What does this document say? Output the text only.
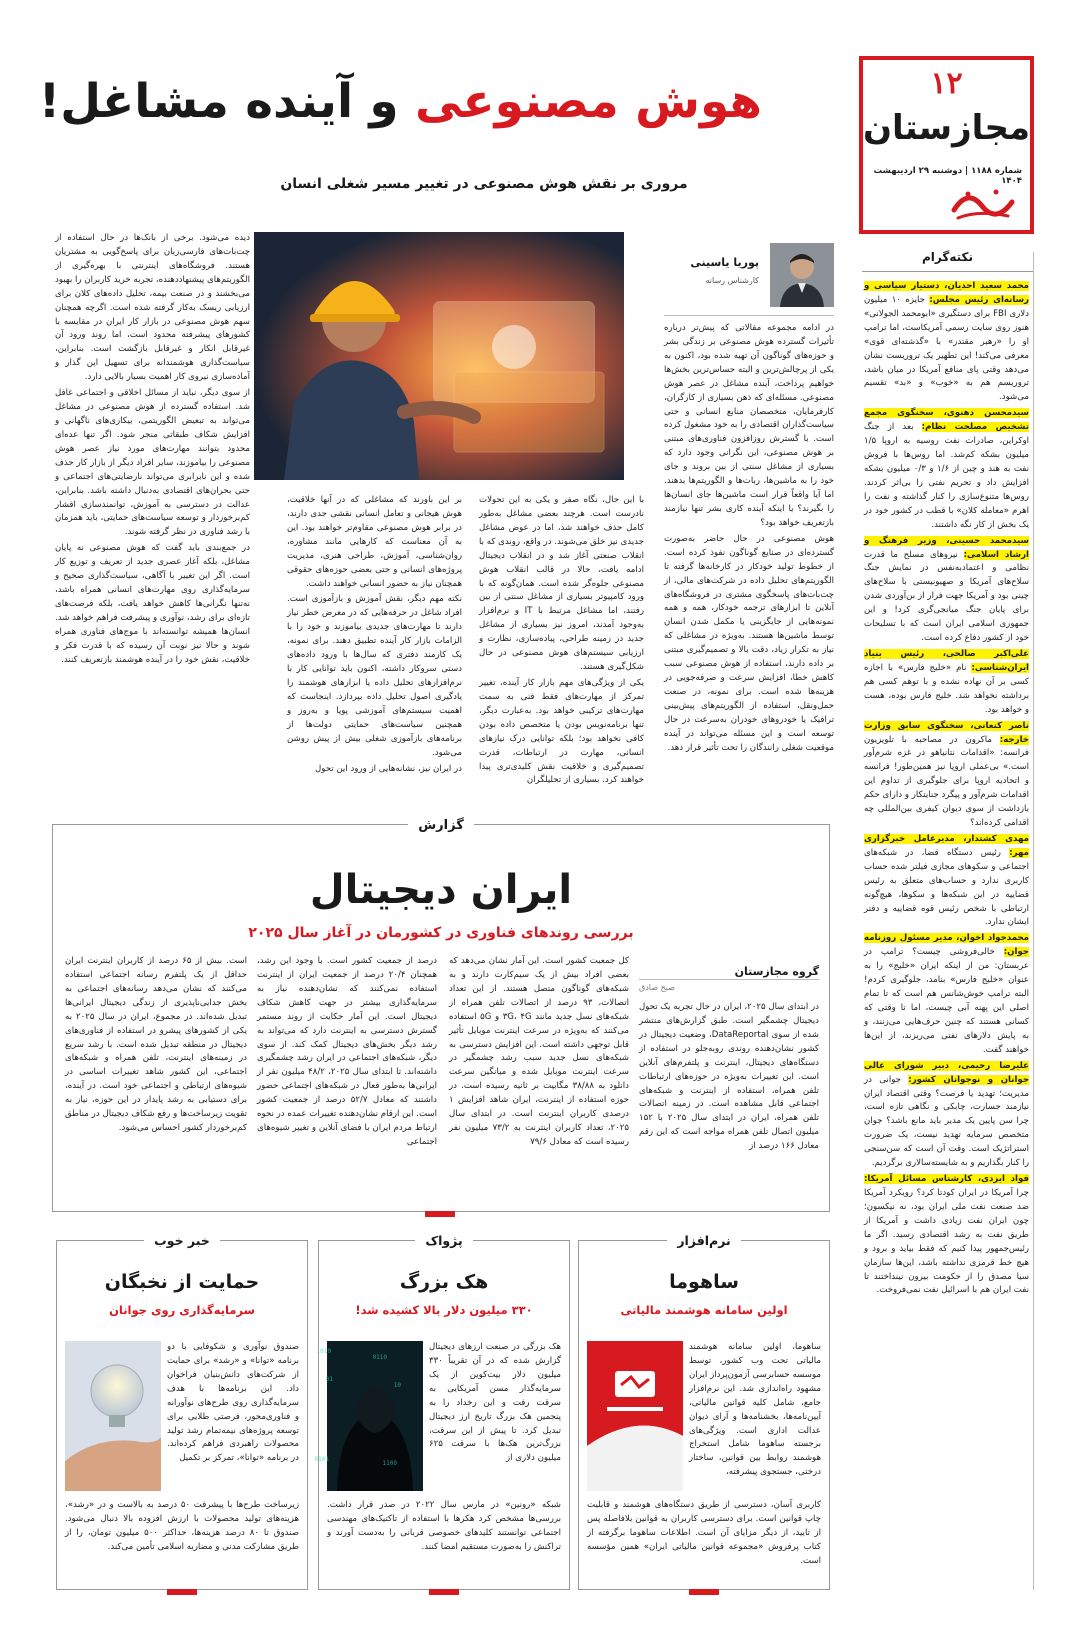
۱۲
مجازستان
شماره ۱۱۸۸ | دوشنبه ۲۹ اردیبهشت ۱۴۰۴
هوش مصنوعی و آینده مشاغل!
مروری بر نقش هوش مصنوعی در تغییر مسیر شغلی انسان
نکته‌گرام

محمد سعید احدیان، دستیار سیاسی و رسانه‌ای رئیس مجلس: جایزه ۱۰ میلیون دلاری FBI برای دستگیری «ابومحمد الجولانی» هنوز روی سایت رسمی آمریکاست، اما ترامپ او را «رهبر مقتدر» با «گذشته‌ای قوی» معرفی می‌کند! این تطهیر یک تروریست نشان می‌دهد وقتی پای منافع آمریکا در میان باشد، تروریسم هم به «خوب» و «بد» تقسیم می‌شود.

سیدمحسن دهنوی، سخنگوی مجمع تشخیص مصلحت نظام: بعد از جنگ اوکراین، صادرات نفت روسیه به اروپا ۱/۵ میلیون بشکه کم‌شد. اما روس‌ها با فروش نفت به هند و چین از ۱/۶ و ۰/۳ میلیون بشکه افزایش داد و تحریم نفتی را بی‌اثر کردند. روس‌ها متنوع‌سازی را کنار گذاشته و نفت را اهرم «معامله کلان» با قطب در کشور خود در یک بخش از کار نگه داشتند.

سیدمحمد حسینی، وزیر فرهنگ و ارشاد اسلامی: نیروهای مسلح ما قدرت نظامی و اعتمادبه‌نفس در نمایش جنگ سلاح‌های آمریکا و صهیونیستی با سلاح‌های چینی بود و آمریکا جهت فرار از بن‌آوردی شدن برای پایان جنگ میانجی‌گری کرد! و این جمهوری اسلامی ایران است که با تسلیحات خود از کشور دفاع کرده است.

علی‌اکبر صالحی، رئیس بنیاد ایران‌شناسی: نام «خلیج فارس» با اجازه کسی بر آن نهاده نشده و با توهم کسی هم برداشته نخواهد شد. خلیج فارس بوده، هست و خواهد بود.

ناصر کنعانی، سخنگوی سابق وزارت خارجه: ماکرون در مصاحبه با تلویزیون فرانسه: «اقدامات نتانیاهو در غزه شرم‌آور است.» بی‌عملی اروپا نیز همین‌طور! فرانسه و اتحادیه اروپا برای جلوگیری از تداوم این اقدامات شرم‌آور و پیگرد جنایتکار و دارای حکم بازداشت از سوی دیوان کیفری بین‌المللی چه اقدامی کرده‌اند؟

مهدی کشتدار، مدیرعامل خبرگزاری مهر: رئیس دستگاه قضا، در شبکه‌های اجتماعی و سکوهای مجازی فیلتر شده حساب کاربری ندارد و حساب‌های متعلق به رئیس قضاییه در این شبکه‌ها و سکوها، هیچ‌گونه ارتباطی با شخص رئیس قوه قضاییه و دفتر ایشان ندارد.

محمدجواد اخوان، مدیر مسئول روزنامه جوان: خالی‌فروشی چیست؟ ترامپ در عربستان: من از اینکه ایران «خلیج» را به عنوان «خلیج فارس» بنامد، جلوگیری کردم! البته ترامپ خوش‌شانس هم است که تا تمام اصلی این پهنه آبی چیست، اما تا وقتی که کسانی هستند که چنین حرف‌هایی می‌زنند، و به پایش دلارهای نفتی می‌ریزند، از این‌ها خواهند گفت.

علیرضا رحیمی، دبیر شورای عالی جوانان و نوجوانان کشور: جوانی در مدیریت؛ تهدید یا فرصت؟ وقتی اقتصاد ایران نیازمند جسارت، چابکی و نگاهی تازه است، چرا سن پایین یک مدیر باید مانع باشد؟ جوان متخصص سرمایه تهدید نیست، یک ضرورت استراتژیک است. وقت آن است که سن‌سنجی را کنار بگذاریم و به شایسته‌سالاری برگردیم.

فواد ایزدی، کارشناس مسائل آمریکا: چرا آمریکا در ایران کودتا کرد؟ رویکرد آمریکا ضد صنعت نفت ملی ایران بود، نه نیکسون؛ چون ایران نفت زیادی داشت و آمریکا از طریق نفت به رشد اقتصادی رسید. اگر ما رئیس‌جمهور پیدا کنیم که فقط بیاید و برود و هیچ خط قرمزی نداشته باشد، این‌ها سازمان سیا مصدق را از حکومت بیرون نینداختند تا نفت ایران هم با اسرائیل نفت نمی‌فروخت.

پوریا یاسینی
کارشناس رسانه

در ادامه مجموعه مقالاتی که پیش‌تر درباره تأثیرات گسترده هوش مصنوعی بر زندگی بشر و حوزه‌های گوناگون آن تهیه شده بود، اکنون به یکی از پرچالش‌ترین و البته حساس‌ترین بخش‌ها خواهیم پرداخت، آینده مشاغل در عصر هوش مصنوعی. مسئله‌ای که ذهن بسیاری از کارگران، کارفرمایان، متخصصان منابع انسانی و حتی سیاست‌گذاران اقتصادی را به خود مشغول کرده است. با گسترش روزافزون فناوری‌های مبتنی بر هوش مصنوعی، این نگرانی وجود دارد که بسیاری از مشاغل سنتی از بین بروند و جای خود را به ماشین‌ها، ربات‌ها و الگوریتم‌ها بدهند. اما آیا واقعاً قرار است ماشین‌ها جای انسان‌ها را بگیرند؟ یا اینکه آینده کاری بشر تنها نیازمند بازتعریف خواهد بود؟

هوش مصنوعی در حال حاضر به‌صورت گسترده‌ای در صنایع گوناگون نفوذ کرده است. از خطوط تولید خودکار در کارخانه‌ها گرفته تا الگوریتم‌های تحلیل داده در شرکت‌های مالی، از چت‌بات‌های پاسخگوی مشتری در فروشگاه‌های آنلاین تا ابزارهای ترجمه خودکار، همه و همه نمونه‌هایی از جایگزینی یا مکمل شدن انسان توسط ماشین‌ها هستند. به‌ویژه در مشاغلی که نیاز به تکرار زیاد، دقت بالا و تصمیم‌گیری مبتنی بر داده دارند، استفاده از هوش مصنوعی سبب کاهش خطا، افزایش سرعت و صرفه‌جویی در هزینه‌ها شده است. برای نمونه، در صنعت حمل‌ونقل، استفاده از الگوریتم‌های پیش‌بینی ترافیک یا خودروهای خودران به‌سرعت در حال توسعه است و این مسئله می‌تواند در آینده موقعیت شغلی رانندگان را تحت تأثیر قرار دهد.

با این حال، نگاه صفر و یکی به این تحولات نادرست است. هرچند بعضی مشاغل به‌طور کامل حذف خواهند شد، اما در عوض مشاغل جدیدی نیز خلق می‌شوند. در واقع، روندی که با انقلاب صنعتی آغاز شد و در انقلاب دیجیتال ادامه یافت، حالا در قالب انقلاب هوش مصنوعی جلوه‌گر شده است. همان‌گونه که با ورود کامپیوتر بسیاری از مشاغل سنتی از بین رفتند، اما مشاغل مرتبط با IT و نرم‌افزار به‌وجود آمدند، امروز نیز بسیاری از مشاغل جدید در زمینه طراحی، پیاده‌سازی، نظارت و ارزیابی سیستم‌های هوش مصنوعی در حال شکل‌گیری هستند.

یکی از ویژگی‌های مهم بازار کار آینده، تغییر تمرکز از مهارت‌های فقط فنی به سمت مهارت‌های ترکیبی خواهد بود. به‌عبارت دیگر، تنها برنامه‌نویس بودن یا متخصص داده بودن کافی نخواهد بود؛ بلکه توانایی درک نیازهای انسانی، مهارت در ارتباطات، قدرت تصمیم‌گیری و خلاقیت نقش کلیدی‌تری پیدا خواهند کرد. بسیاری از تحلیلگران

بر این باورند که مشاغلی که در آنها خلاقیت، هوش هیجانی و تعامل انسانی نقشی جدی دارند، در برابر هوش مصنوعی مقاوم‌تر خواهند بود. این به آن معناست که کارهایی مانند مشاوره، روان‌شناسی، آموزش، طراحی هنری، مدیریت پروژه‌های انسانی و حتی بعضی حوزه‌های حقوقی همچنان نیاز به حضور انسانی خواهند داشت.

نکته مهم دیگر، نقش آموزش و بازآموزی است. افراد شاغل در حرفه‌هایی که در معرض خطر نیاز دارند تا مهارت‌های جدیدی بیاموزند و خود را با الزامات بازار کار آینده تطبیق دهند. برای نمونه، یک کارمند دفتری که سال‌ها با ورود داده‌های دستی سروکار داشته، اکنون باید توانایی کار با نرم‌افزارهای تحلیل داده یا ابزارهای هوشمند را یادگیری اصول تحلیل داده بپردازد. اینجاست که اهمیت سیستم‌های آموزشی پویا و به‌روز و همچنین سیاست‌های حمایتی دولت‌ها از برنامه‌های بازآموزی شغلی بیش از پیش روشن می‌شود.

در ایران نیز، نشانه‌هایی از ورود این تحول

دیده می‌شود. برخی از بانک‌ها در حال استفاده از چت‌بات‌های فارسی‌زبان برای پاسخ‌گویی به مشتریان هستند. فروشگاه‌های اینترنتی با بهره‌گیری از الگوریتم‌های پیشنهاددهنده، تجربه خرید کاربران را بهبود می‌بخشند و در صنعت بیمه، تحلیل داده‌های کلان برای ارزیابی ریسک به‌کار گرفته شده است. اگرچه همچنان سهم هوش مصنوعی در بازار کار ایران در مقایسه با کشورهای پیشرفته محدود است، اما روند ورود آن غیرقابل انکار و غیرقابل بازگشت است. بنابراین، سیاست‌گذاری هوشمندانه برای تسهیل این گذار و آماده‌سازی نیروی کار اهمیت بسیار بالایی دارد.

از سوی دیگر، نباید از مسائل اخلاقی و اجتماعی غافل شد. استفاده گسترده از هوش مصنوعی در مشاغل می‌تواند به تبعیض الگوریتمی، بیکاری‌های ناگهانی و افزایش شکاف طبقاتی منجر شود. اگر تنها عده‌ای محدود بتوانند مهارت‌های مورد نیاز عصر هوش مصنوعی را بیاموزند، سایر افراد دیگر از بازار کار حذف شده و این نابرابری می‌تواند نارضایتی‌های اجتماعی و حتی بحران‌های اقتصادی به‌دنبال داشته باشد. بنابراین، عدالت در دسترسی به آموزش، توانمندسازی اقشار کم‌برخوردار و توسعه سیاست‌های حمایتی، باید همزمان با رشد فناوری در نظر گرفته شوند.

در جمع‌بندی باید گفت که هوش مصنوعی نه پایان مشاغل، بلکه آغاز عصری جدید از تعریف و توزیع کار است. اگر این تغییر با آگاهی، سیاست‌گذاری صحیح و سرمایه‌گذاری روی مهارت‌های انسانی همراه باشد، نه‌تنها نگرانی‌ها کاهش خواهد یافت، بلکه فرصت‌های تازه‌ای برای رشد، نوآوری و پیشرفت فراهم خواهد شد. انسان‌ها همیشه توانسته‌اند با موج‌های فناوری همراه شوند و حالا نیز نوبت آن رسیده که با قدرت فکر و خلاقیت، نقش خود را در آینده هوشمند بازتعریف کنند.

گزارش
ایران دیجیتال
بررسی روندهای فناوری در کشورمان در آغاز سال ۲۰۲۵
گروه مجازستان
صبح صادق
در ابتدای سال ۲۰۲۵، ایران در حال تجربه یک تحول دیجیتال چشمگیر است. طبق گزارش‌های منتشر شده از سوی DataReportal، وضعیت دیجیتال در کشور نشان‌دهنده روندی رو‌به‌جلو در استفاده از دستگاه‌های دیجیتال، اینترنت و پلتفرم‌های آنلاین است. این تغییرات به‌ویژه در حوزه‌های ارتباطات تلفن همراه، استفاده از اینترنت و شبکه‌های اجتماعی قابل مشاهده است. در زمینه اتصالات تلفن همراه، ایران در ابتدای سال ۲۰۲۵ با ۱۵۲ میلیون اتصال تلفن همراه مواجه است که این رقم معادل ۱۶۶ درصد از
کل جمعیت کشور است. این آمار نشان می‌دهد که بعضی افراد بیش از یک سیم‌کارت دارند و به شبکه‌های گوناگون متصل هستند. از این تعداد اتصالات، ۹۳ درصد از اتصالات تلفن همراه از شبکه‌های نسل جدید مانند ۳G، ۴G و ۵G استفاده می‌کنند که به‌ویژه در سرعت اینترنت موبایل تأثیر قابل توجهی داشته است. این افزایش دسترسی به شبکه‌های نسل جدید سبب رشد چشمگیر در سرعت اینترنت موبایل شده و میانگین سرعت دانلود به ۳۸/۸۸ مگابیت بر ثانیه رسیده است. در حوزه استفاده از اینترنت، ایران شاهد افزایش ۱ درصدی کاربران اینترنت است. در ابتدای سال ۲۰۲۵، تعداد کاربران اینترنت به ۷۳/۲ میلیون نفر رسیده است که معادل ۷۹/۶
درصد از جمعیت کشور است. با وجود این رشد، همچنان ۲۰/۴ درصد از جمعیت ایران از اینترنت استفاده نمی‌کنند که نشان‌دهنده نیاز به سرمایه‌گذاری بیشتر در جهت کاهش شکاف دیجیتال است. این آمار حکایت از روند مستمر گسترش دسترسی به اینترنت دارد که می‌تواند به رشد دیگر بخش‌های دیجیتال کمک کند. از سوی دیگر، شبکه‌های اجتماعی در ایران رشد چشمگیری داشته‌اند. تا ابتدای سال ۲۰۲۵، ۴۸/۲ میلیون نفر از ایرانی‌ها به‌طور فعال در شبکه‌های اجتماعی حضور داشتند که معادل ۵۲/۷ درصد از جمعیت کشور است. این ارقام نشان‌دهنده تغییرات عمده در نحوه ارتباط مردم ایران با فضای آنلاین و تغییر شیوه‌های اجتماعی
است. بیش از ۶۵ درصد از کاربران اینترنت ایران حداقل از یک پلتفرم رسانه اجتماعی استفاده می‌کنند که نشان می‌دهد رسانه‌های اجتماعی به بخش جدایی‌ناپذیری از زندگی دیجیتال ایرانی‌ها تبدیل شده‌اند. در مجموع، ایران در سال ۲۰۲۵ به یکی از کشورهای پیشرو در استفاده از فناوری‌های دیجیتال در منطقه تبدیل شده است. با رشد سریع در زمینه‌های اینترنت، تلفن همراه و شبکه‌های اجتماعی، این کشور شاهد تغییرات اساسی در شیوه‌های ارتباطی و اجتماعی خود است. در آینده، برای دستیابی به رشد پایدار در این حوزه، نیاز به تقویت زیرساخت‌ها و رفع شکاف دیجیتال در مناطق کم‌برخوردار کشور احساس می‌شود.
نرم‌افزار
ساهوما
اولین سامانه هوشمند مالیاتی
ساهوما، اولین سامانه هوشمند مالیاتی تحت وب کشور، توسط موسسه حسابرسی آزمون‌پرداز ایران مشهود راه‌اندازی شد. این نرم‌افزار جامع، شامل کلیه قوانین مالیاتی، آیین‌نامه‌ها، بخشنامه‌ها و آرای دیوان عدالت اداری است. ویژگی‌های برجسته ساهوما شامل استخراج هوشمند روابط بین قوانین، ساختار درختی، جستجوی پیشرفته،
کاربری آسان، دسترسی از طریق دستگاه‌های هوشمند و قابلیت چاپ قوانین است. برای دسترسی کاربران به قوانین بلافاصله پس از تایید، از دیگر مزایای آن است. اطلاعات ساهوما برگرفته از کتاب پرفروش «مجموعه قوانین مالیاتی ایران» همین مؤسسه است.
پژواک
هک بزرگ
۳۳۰ میلیون دلار بالا کشیده شد!
1010
0110
01
10
0101
1100
هک بزرگی در صنعت ارزهای دیجیتال گزارش شده که در آن تقریباً ۳۳۰ میلیون دلار بیت‌کوین از یک سرمایه‌گذار مسن آمریکایی به سرقت رفت و این رخداد را به پنجمین هک بزرگ تاریخ ارز دیجیتال تبدیل کرد. تا پیش از این سرقت، بزرگ‌ترین هک‌ها با سرقت ۶۲۵ میلیون دلاری از
شبکه «رونین» در مارس سال ۲۰۲۲ در صدر قرار داشت. بررسی‌ها مشخص کرد هکرها با استفاده از تاکتیک‌های مهندسی اجتماعی توانستند کلیدهای خصوصی قربانی را به‌دست آورند و تراکنش را به‌صورت مستقیم امضا کنند.
خبر خوب
حمایت از نخبگان
سرمایه‌گذاری روی جوانان
صندوق نوآوری و شکوفایی با دو برنامه «توانا» و «رشد» برای حمایت از شرکت‌های دانش‌بنیان فراخوان داد. این برنامه‌ها با هدف سرمایه‌گذاری روی طرح‌های نوآورانه و فناوری‌محور، فرصتی طلایی برای توسعه پروژه‌های نیمه‌تمام رشد تولید محصولات راهبردی فراهم کرده‌اند. در برنامه «توانا»، تمرکز بر تکمیل
زیرساخت طرح‌ها با پیشرفت ۵۰ درصد به بالاست و در «رشد»، هزینه‌های تولید محصولات با ارزش افزوده بالا دنبال می‌شود. صندوق تا ۸۰ درصد هزینه‌ها، حداکثر ۵۰۰ میلیون تومان، را از طریق مشارکت مدنی و مضاربه اسلامی تأمین می‌کند.
